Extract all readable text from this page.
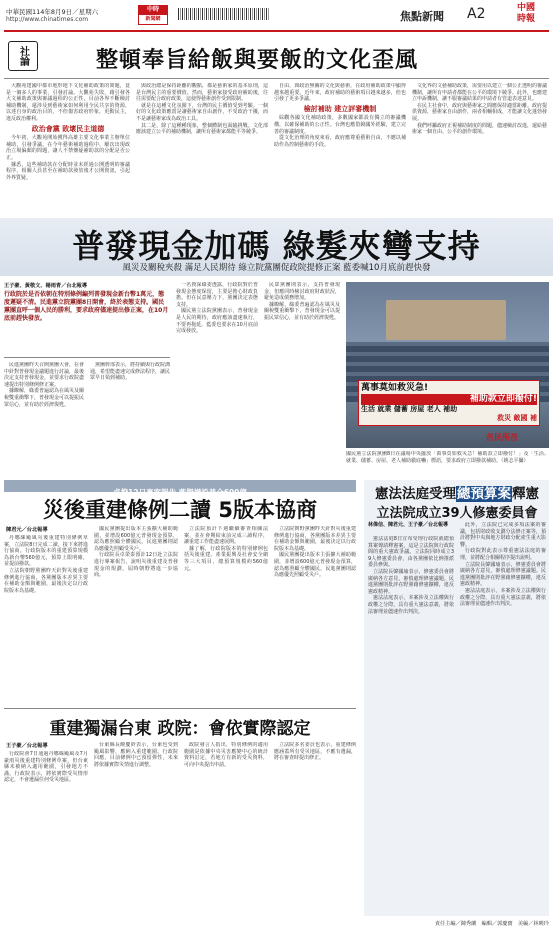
中華民國114年8月9日／星期六
http://www.chinatimes.com
中時
新聞網	焦點新聞 A2	中國
時報
社論	整頓奉旨給飯與要飯的文化歪風

大觀苑建國中都市地形地下文化補助政策的問題，竟是一個多人的事業，引發討論。大觀苑失敗，藉引發各大文補助政策與審議過程的公正性，目前各界不斷檢討補助機制，還涉及到藝術家如何利用全民共享的資源，以達自身的政治目的，不但傷害政府形象，更動民主，違反政治權利。

政治會黨 敗壞民主道德

今年初，大觀苑開始獲得高雄主要文化事業主辦單位補助，引發爭議。在今年藝術補助過程中，屢次出現政治立場偏頗的問題，讓人不禁懷疑補助款的分配是否公正。

據悉，這些補助款在分配時並未經過公開透明的審議程序，相關人員甚至在補助款發放後才公開資訊，引起外界質疑。

與政治總是保持距離的觀點，都是藝術家的基本原則，這是台灣民主的重要價值。然而，藝術家接受政府補助後，往往需要配合政府政策，這使得藝術創作受到限制。

就是在這種文化氛圍下，台灣的民主價值受到考驗。一個好的文化政策應當是讓藝術家自由創作，不受政治干擾，而不是讓藝術家成為政治工具。

其二是，除了這種種現象，整個體制也面臨挑戰。文化部應該建立公平的補助機制，讓所有藝術家都能平等競爭。

自由、與政治無關的文化與藝術，在政府補助政策中顯得越來越重要。近年來，政府補助的藝術項目越來越多，但也引發了更多爭議。

檢討補助 建立評審機制

綜觀各國文化補助政策，多數國家都設有獨立的審議機構，以確保補助的公正性。台灣也應借鏡國外經驗，建立完善的審議制度。

從文化治理的角度來看，政府應尊重藝術自由，不應以補助作為控制藝術的手段。

文化界的文藝補助政策，需要用以建立一個公正透明的審議機制，讓所有申請者都能在公平的環境下競爭。此外，也應建立申訴機制，讓不服審議結果的申請者有管道表達意見。

在民主社會中，政府與藝術家之間應保持適當距離。政府提供資源，藝術家自由創作，兩者相輔相成，才能讓文化蓬勃發展。

我們呼籲政府正視補助制度的問題，儘速檢討改進，還給藝術家一個自由、公平的創作環境。

普發現金加碼 綠髮夾彎支持
風災及關稅夾殺 滿足人民期待 綠立院黨團促政院提修正案 藍委喊10月底前趕快發
王子豪、黃敬文、楊雨青／台北報導
行政院於是否依朝在特別條例編列普發現金新台幣1萬元，態度遲疑不清。民進黨立院黨團8日開會，終於表態支持。國民黨團直呼一個人民的勝利，要求政府儘速提出修正案，在10月底前趕快發放。

民進黨團昨天召開黨團大會，在會中針對普發現金議題進行討論，最後決定支持普發現金，並要求行政院盡速提出特別條例修正案。

據瞭解，綠委普遍認為在風災及關稅雙重衝擊下，普發現金可以提振民眾信心，並有助於經濟復甦。

黨團幹部表示，將持續與行政院溝通，希望能盡速完成修法程序，讓民眾早日領到補助。

一名資深綠委透露，行政院對於普發現金態度保留，主要是擔心財政負擔。但在民意壓力下，黨團決定表態支持。

國民黨立法院黨團表示，普發現金是人民的期待，政府應該盡速執行，不要再拖延。藍委也要求在10月底前完成發放。

民眾黨團則表示，支持普發現金，但應同時檢討政府財政狀況，避免造成債務增加。

據瞭解，綠委普遍認為在風災及關稅雙重衝擊下，普發現金可以提振民眾信心，並有助於經濟復甦。

萬事莫如救災急!
補助款立即撥付!
生活 就業 儲蓄 房屋 老人 補助
救災 敵國 補
苦民所苦
國民黨立法院黨團8日在議場中央擺放「萬事莫如救災急！補助款立即撥付！」及「生活、就業、儲蓄、房屋、老人補助徹底嚇」標語，要求政府立即撥款補助。（姚志平攝）
卓揆12日專案報告 藍擬增設普全600億
災後重建條例二讀 5版本協商
陳君元／台北報導

丹娜絲颱風災後重建特別條例草案，立法院8日完成二讀，接下來將進行協商。行政院版本的重建預算規模為新台幣560億元，預算上限明確，並提前撥款。

立法院朝野黨團昨天針對災後重建條例進行協商，各黨團版本差異主要在補助金額與範圍，最後決定以行政院版本為基礎。

國民黨團提出版本主張擴大補助範圍，並增設600億元普發現金預算，認為應照顧全體國民。民進黨團則認為應優先照顧受災戶。

行政院長卓榮泰預計12日赴立法院進行專案報告，說明災後重建及普發現金的規劃，屆時朝野將進一步協商。

立法院預計下週繼續審查相關法案，並在會期結束前完成三讀程序，讓重建工作能盡速展開。

據了解，行政院版本的特別條例包括災後重建、產業振興及社會安全網等三大項目，總預算規模約560億元。

立法院朝野黨團昨天針對災後重建條例進行協商，各黨團版本差異主要在補助金額與範圍，最後決定以行政院版本為基礎。

國民黨團提出版本主張擴大補助範圍，並增設600億元普發現金預算，認為應照顧全體國民。民進黨團則認為應優先照顧受災戶。

憲法法庭受理總預算案釋憲
立法院成立39人修憲委員會
林偉信、陳君元、王子豪／台北報導

憲法法庭8日宣布受理行政院就總預算案聲請釋憲案，這是立法院與行政院間的重大憲政爭議。立法院同時成立39人修憲委員會，由各黨團依比例推派委員參與。

立法院長韓國瑜表示，修憲委員會將廣納各方意見，審慎處理修憲議題。民進黨團則批評在野黨藉修憲擴權，違反憲政精神。

憲法法庭表示，本案涉及立法權與行政權之分際，具有重大憲法意義，將依法審理並儘速作出判決。

此外，立法院已完成多項法案的審議，包括財政收支劃分法修正案等，預計將對中央與地方財政分配產生重大影響。

行政院對此表示尊重憲法法庭的審理，並將配合相關程序提出說明。

立法院長韓國瑜表示，修憲委員會將廣納各方意見，審慎處理修憲議題。民進黨團則批評在野黨藉修憲擴權，違反憲政精神。

憲法法庭表示，本案涉及立法權與行政權之分際，具有重大憲法意義，將依法審理並儘速作出判決。

重建獨漏台東 政院：會依實際認定
王子豪／台北報導

行政院會7日通過丹娜絲颱風及7月豪雨災後重建特別條例草案，但台東縣未被納入適用範圍，引發地方不滿。行政院表示，將依實際受災情形認定，不會遺漏任何受災地區。

台東縣長饒慶鈴表示，台東也受到颱風影響，應納入重建範圍。行政院回應，目前條例中已預留彈性，未來將依據實際災情進行調整。

政院發言人指出，特別條例的適用範圍是依據中央災害應變中心的統計資料訂定，若地方有新的受災資料，可向中央提出申請。

立法院多名委員也表示，重建條例應涵蓋所有受災地區，不應有遺漏，將在審查時提出修正。

責任主編／陳秀蘭　編輯／郭慶寶　美編／林曉玲
